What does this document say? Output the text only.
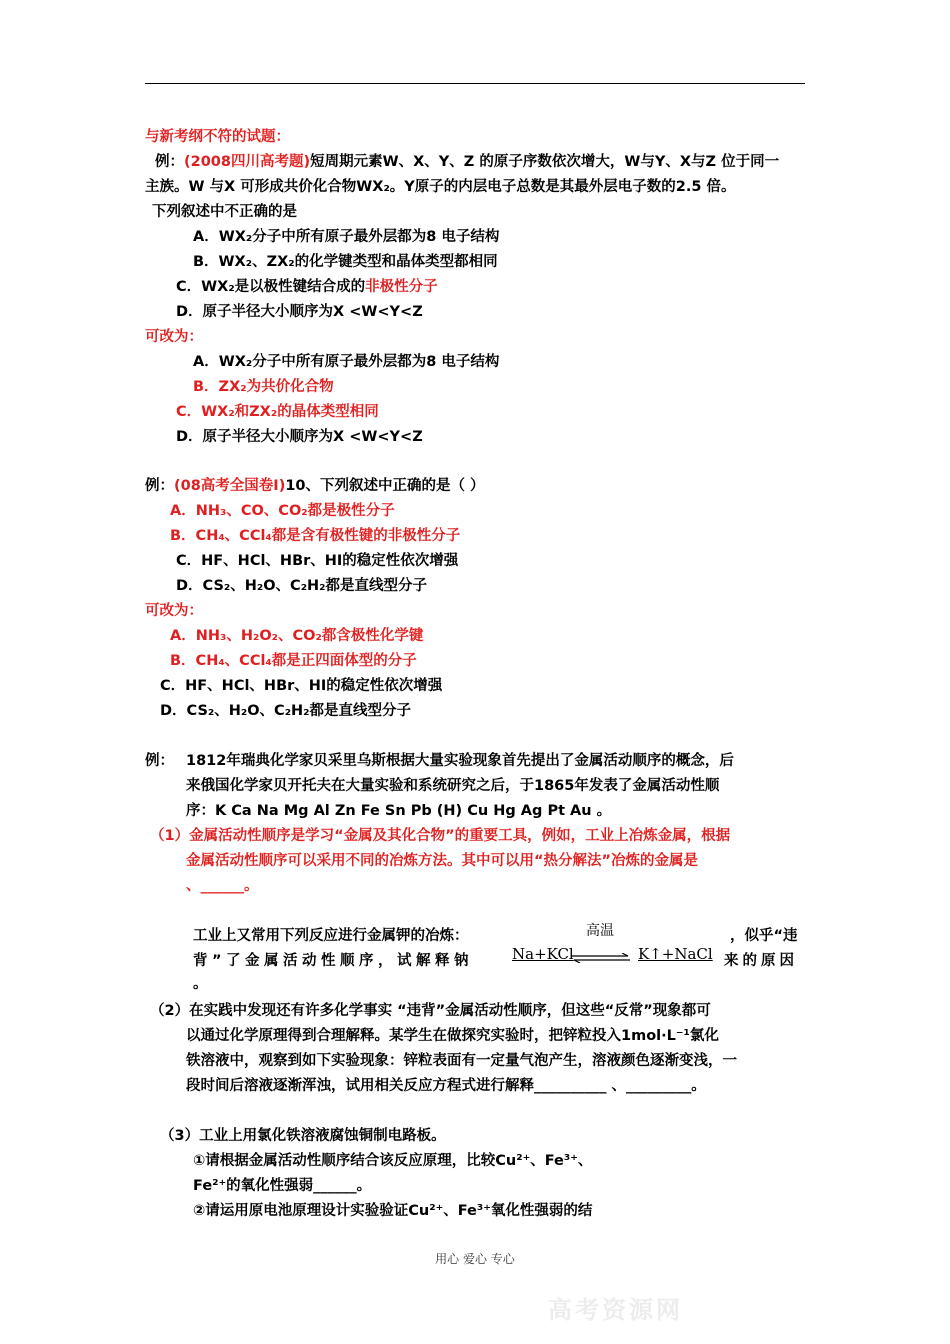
与新考纲不符的试题：
例：(2008四川高考题)短周期元素W、X、Y、Z 的原子序数依次增大，W与Y、X与Z 位于同一
主族。W 与X 可形成共价化合物WX₂。Y原子的内层电子总数是其最外层电子数的2.5 倍。
下列叙述中不正确的是
A．WX₂分子中所有原子最外层都为8 电子结构
B．WX₂、ZX₂的化学键类型和晶体类型都相同
C．WX₂是以极性键结合成的非极性分子
D．原子半径大小顺序为X <W<Y<Z
可改为：
A．WX₂分子中所有原子最外层都为8 电子结构
B．ZX₂为共价化合物
C．WX₂和ZX₂的晶体类型相同
D．原子半径大小顺序为X <W<Y<Z
例：(08高考全国卷Ⅰ)10、下列叙述中正确的是（ ）
A．NH₃、CO、CO₂都是极性分子
B．CH₄、CCl₄都是含有极性键的非极性分子
C．HF、HCl、HBr、HI的稳定性依次增强
D．CS₂、H₂O、C₂H₂都是直线型分子
可改为：
A．NH₃、H₂O₂、CO₂都含极性化学键
B．CH₄、CCl₄都是正四面体型的分子
C．HF、HCl、HBr、HI的稳定性依次增强
D．CS₂、H₂O、C₂H₂都是直线型分子
例： 1812年瑞典化学家贝采里乌斯根据大量实验现象首先提出了金属活动顺序的概念，后
来俄国化学家贝开托夫在大量实验和系统研究之后，于1865年发表了金属活动性顺
序：K Ca Na Mg Al Zn Fe Sn Pb (H) Cu Hg Ag Pt Au 。
（1）金属活动性顺序是学习“金属及其化合物”的重要工具，例如，工业上冶炼金属，根据
金属活动性顺序可以采用不同的冶炼方法。其中可以用“热分解法”冶炼的金属是
、______。
工业上又常用下列反应进行金属钾的冶炼：	，似乎“违
背”了金属活动性顺序，试解释钠	来的原因
。
高温
Na+KCl ⇌ K↑+NaCl
（2）在实践中发现还有许多化学事实 “违背”金属活动性顺序，但这些“反常”现象都可
以通过化学原理得到合理解释。某学生在做探究实验时，把锌粒投入1mol·L⁻¹氯化
铁溶液中，观察到如下实验现象：锌粒表面有一定量气泡产生，溶液颜色逐渐变浅，一
段时间后溶液逐渐浑浊，试用相关反应方程式进行解释__________ 、_________。
（3）工业上用氯化铁溶液腐蚀铜制电路板。
①请根据金属活动性顺序结合该反应原理，比较Cu²⁺、Fe³⁺、
Fe²⁺的氧化性强弱______。
②请运用原电池原理设计实验验证Cu²⁺、Fe³⁺氧化性强弱的结
用心 爱心 专心
高考资源网
